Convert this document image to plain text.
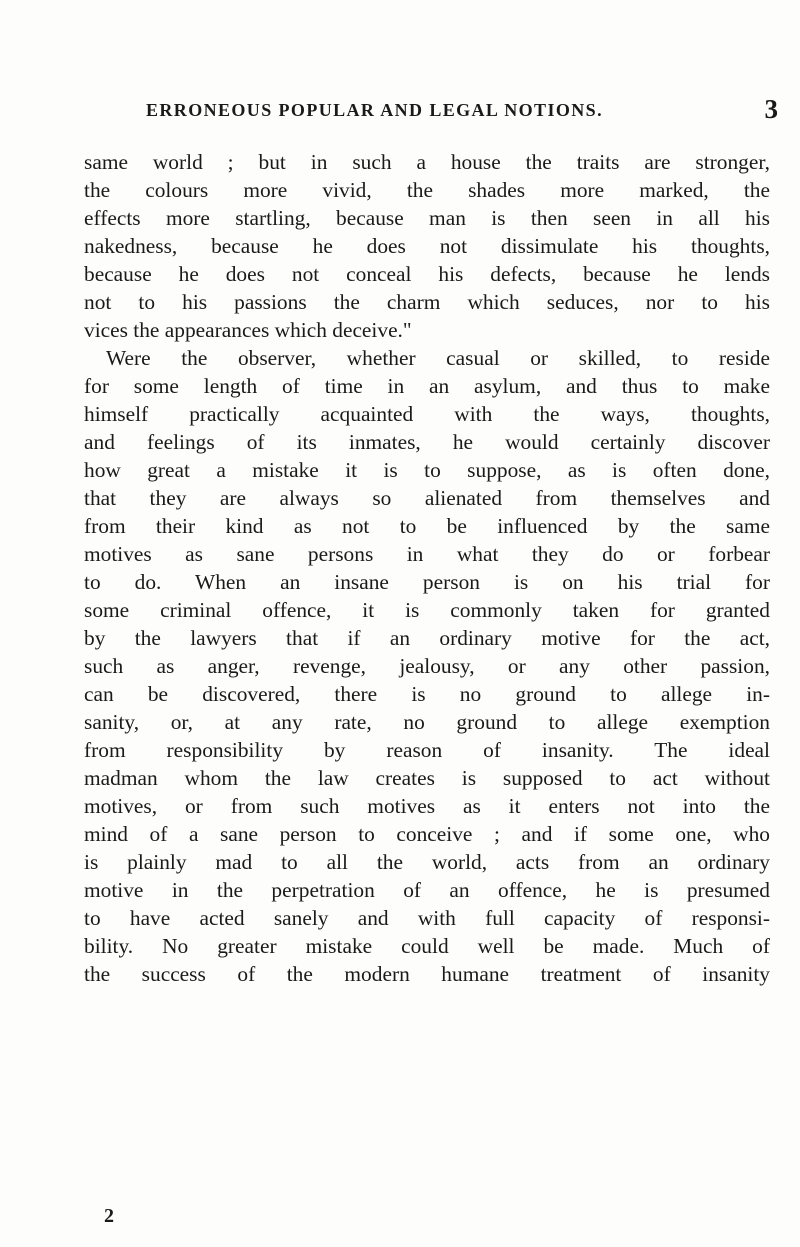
ERRONEOUS POPULAR AND LEGAL NOTIONS.	3
same world ; but in such a house the traits are stronger,
the colours more vivid, the shades more marked, the
effects more startling, because man is then seen in all his
nakedness, because he does not dissimulate his thoughts,
because he does not conceal his defects, because he lends
not to his passions the charm which seduces, nor to his
vices the appearances which deceive."
Were the observer, whether casual or skilled, to reside
for some length of time in an asylum, and thus to make
himself practically acquainted with the ways, thoughts,
and feelings of its inmates, he would certainly discover
how great a mistake it is to suppose, as is often done,
that they are always so alienated from themselves and
from their kind as not to be influenced by the same
motives as sane persons in what they do or forbear
to do. When an insane person is on his trial for
some criminal offence, it is commonly taken for granted
by the lawyers that if an ordinary motive for the act,
such as anger, revenge, jealousy, or any other passion,
can be discovered, there is no ground to allege in-
sanity, or, at any rate, no ground to allege exemption
from responsibility by reason of insanity. The ideal
madman whom the law creates is supposed to act without
motives, or from such motives as it enters not into the
mind of a sane person to conceive ; and if some one, who
is plainly mad to all the world, acts from an ordinary
motive in the perpetration of an offence, he is presumed
to have acted sanely and with full capacity of responsi-
bility. No greater mistake could well be made. Much of
the success of the modern humane treatment of insanity
2
